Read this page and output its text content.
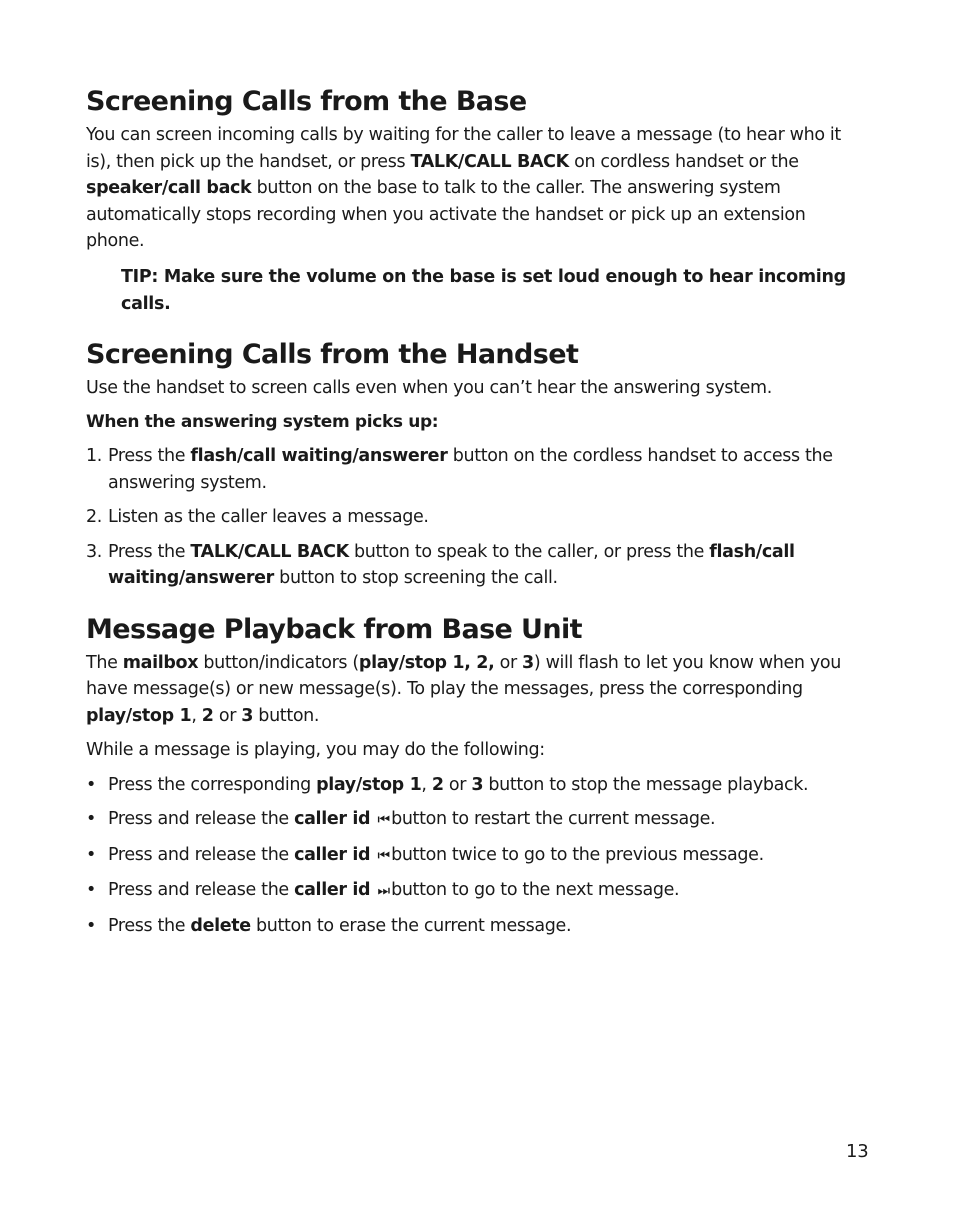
Screening Calls from the Base

You can screen incoming calls by waiting for the caller to leave a message (to hear who it is), then pick up the handset, or press TALK/CALL BACK on cordless handset or the speaker/call back button on the base to talk to the caller. The answering system automatically stops recording when you activate the handset or pick up an extension phone.

TIP: Make sure the volume on the base is set loud enough to hear incoming calls.
Screening Calls from the Handset

Use the handset to screen calls even when you can’t hear the answering system.

When the answering system picks up:
1. Press the flash/call waiting/answerer button on the cordless handset to access the answering system.
2. Listen as the caller leaves a message.
3. Press the TALK/CALL BACK button to speak to the caller, or press the flash/call waiting/answerer button to stop screening the call.
Message Playback from Base Unit

The mailbox button/indicators (play/stop 1, 2, or 3) will flash to let you know when you have message(s) or new message(s). To play the messages, press the corresponding play/stop 1, 2 or 3 button.

While a message is playing, you may do the following:

• Press the corresponding play/stop 1, 2 or 3 button to stop the message playback.
• Press and release the caller id ⏮ button to restart the current message.
• Press and release the caller id ⏮ button twice to go to the previous message.
• Press and release the caller id ⏭ button to go to the next message.
• Press the delete button to erase the current message.
13
